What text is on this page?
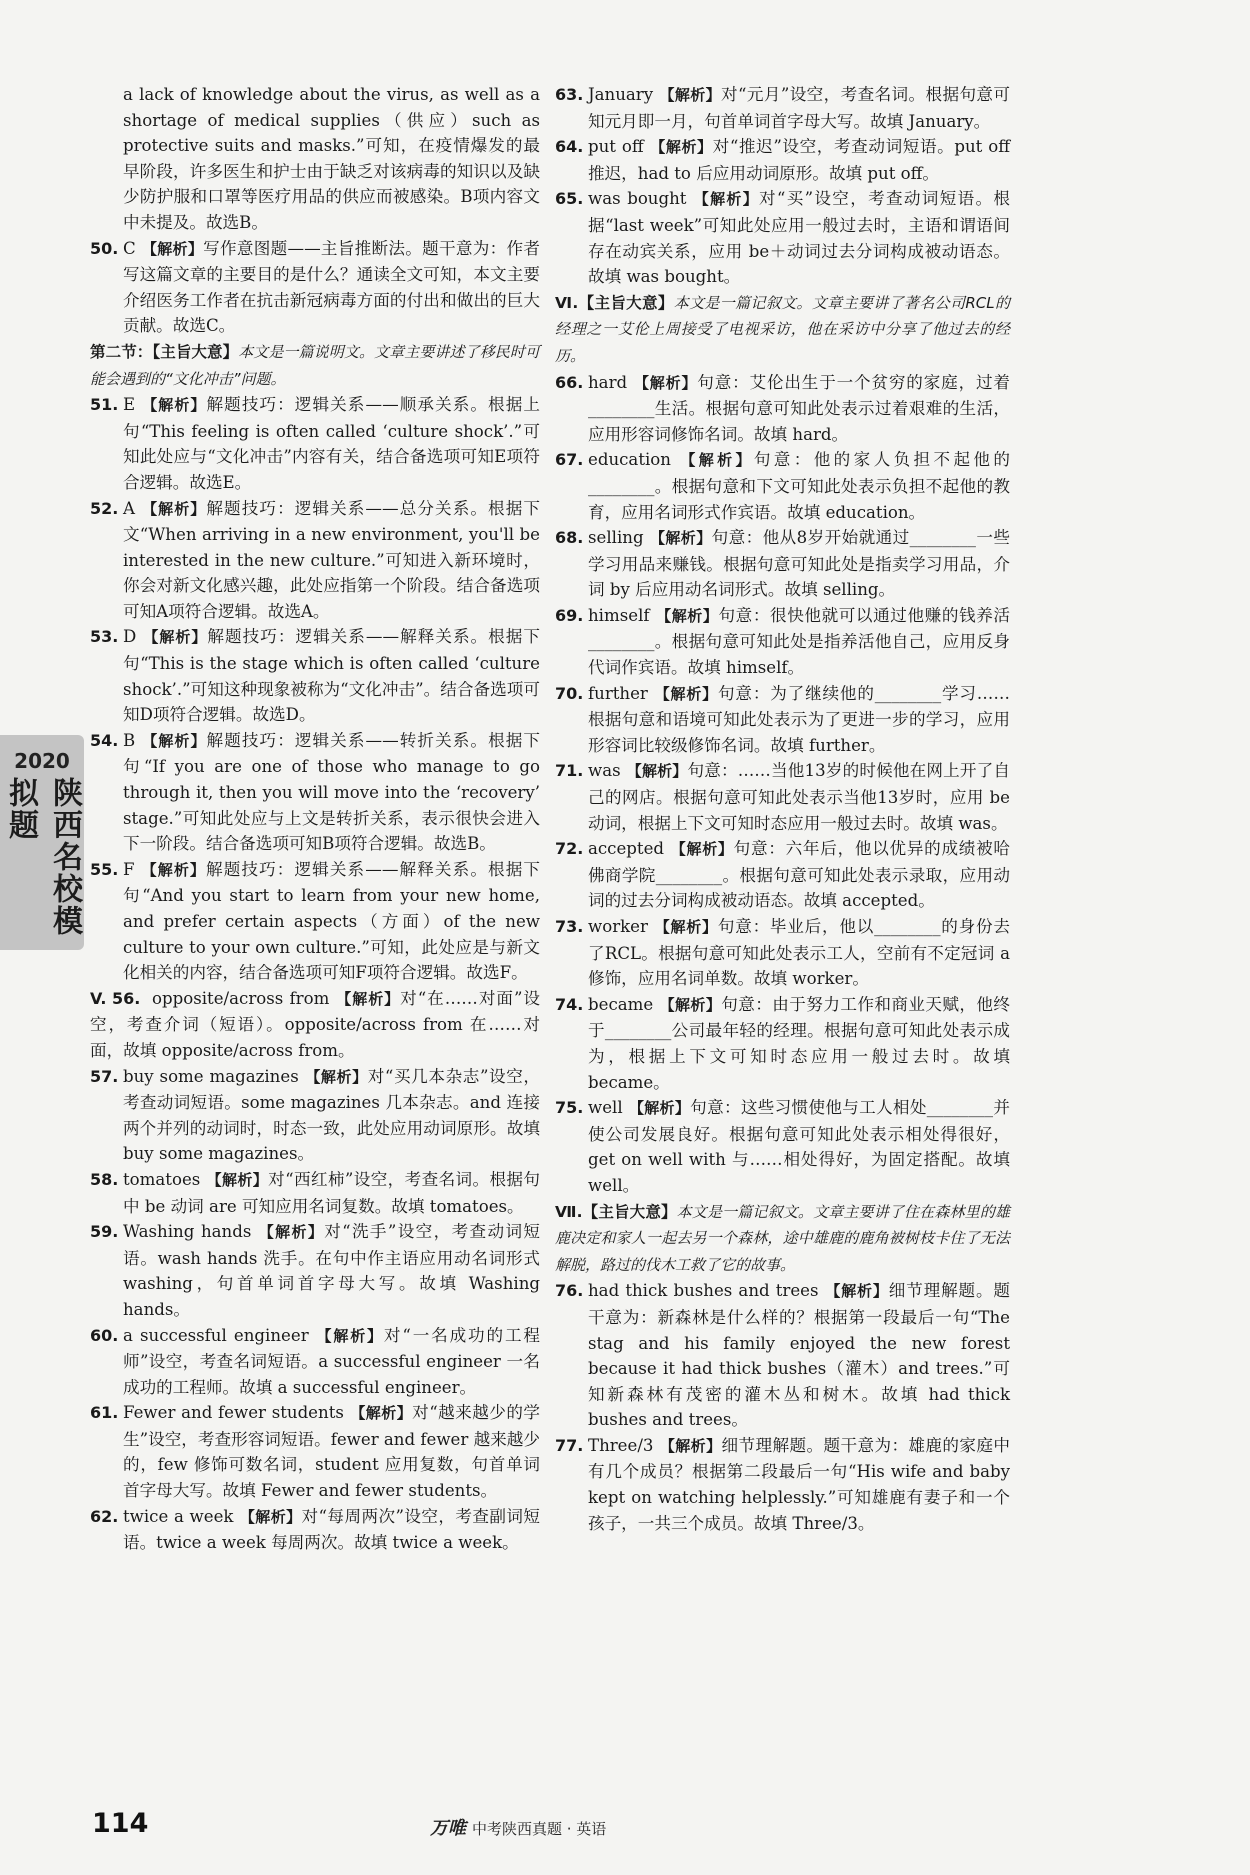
2020
陕西名校模拟题
a lack of knowledge about the virus, as well as a shortage of medical supplies（供应）such as protective suits and masks.”可知，在疫情爆发的最早阶段，许多医生和护士由于缺乏对该病毒的知识以及缺少防护服和口罩等医疗用品的供应而被感染。B项内容文中未提及。故选B。
50. C 【解析】写作意图题——主旨推断法。题干意为：作者写这篇文章的主要目的是什么？通读全文可知，本文主要介绍医务工作者在抗击新冠病毒方面的付出和做出的巨大贡献。故选C。
第二节：【主旨大意】本文是一篇说明文。文章主要讲述了移民时可能会遇到的“文化冲击”问题。
51. E 【解析】解题技巧：逻辑关系——顺承关系。根据上句“This feeling is often called ‘culture shock’.”可知此处应与“文化冲击”内容有关，结合备选项可知E项符合逻辑。故选E。
52. A 【解析】解题技巧：逻辑关系——总分关系。根据下文“When arriving in a new environment, you'll be interested in the new culture.”可知进入新环境时，你会对新文化感兴趣，此处应指第一个阶段。结合备选项可知A项符合逻辑。故选A。
53. D 【解析】解题技巧：逻辑关系——解释关系。根据下句“This is the stage which is often called ‘culture shock’.”可知这种现象被称为“文化冲击”。结合备选项可知D项符合逻辑。故选D。
54. B 【解析】解题技巧：逻辑关系——转折关系。根据下句“If you are one of those who manage to go through it, then you will move into the ‘recovery’ stage.”可知此处应与上文是转折关系，表示很快会进入下一阶段。结合备选项可知B项符合逻辑。故选B。
55. F 【解析】解题技巧：逻辑关系——解释关系。根据下句“And you start to learn from your new home, and prefer certain aspects（方面）of the new culture to your own culture.”可知，此处应是与新文化相关的内容，结合备选项可知F项符合逻辑。故选F。
V. 56. opposite/across from 【解析】对“在……对面”设空，考查介词（短语）。opposite/across from 在……对面，故填 opposite/across from。
57. buy some magazines 【解析】对“买几本杂志”设空，考查动词短语。some magazines 几本杂志。and 连接两个并列的动词时，时态一致，此处应用动词原形。故填 buy some magazines。
58. tomatoes 【解析】对“西红柿”设空，考查名词。根据句中 be 动词 are 可知应用名词复数。故填 tomatoes。
59. Washing hands 【解析】对“洗手”设空，考查动词短语。wash hands 洗手。在句中作主语应用动名词形式 washing，句首单词首字母大写。故填 Washing hands。
60. a successful engineer 【解析】对“一名成功的工程师”设空，考查名词短语。a successful engineer 一名成功的工程师。故填 a successful engineer。
61. Fewer and fewer students 【解析】对“越来越少的学生”设空，考查形容词短语。fewer and fewer 越来越少的，few 修饰可数名词，student 应用复数，句首单词首字母大写。故填 Fewer and fewer students。
62. twice a week 【解析】对“每周两次”设空，考查副词短语。twice a week 每周两次。故填 twice a week。
63. January 【解析】对“元月”设空，考查名词。根据句意可知元月即一月，句首单词首字母大写。故填 January。
64. put off 【解析】对“推迟”设空，考查动词短语。put off 推迟，had to 后应用动词原形。故填 put off。
65. was bought 【解析】对“买”设空，考查动词短语。根据“last week”可知此处应用一般过去时，主语和谓语间存在动宾关系，应用 be＋动词过去分词构成被动语态。故填 was bought。
Ⅵ.【主旨大意】本文是一篇记叙文。文章主要讲了著名公司RCL的经理之一艾伦上周接受了电视采访，他在采访中分享了他过去的经历。
66. hard 【解析】句意：艾伦出生于一个贫穷的家庭，过着________生活。根据句意可知此处表示过着艰难的生活，应用形容词修饰名词。故填 hard。
67. education 【解析】句意：他的家人负担不起他的________。根据句意和下文可知此处表示负担不起他的教育，应用名词形式作宾语。故填 education。
68. selling 【解析】句意：他从8岁开始就通过________一些学习用品来赚钱。根据句意可知此处是指卖学习用品，介词 by 后应用动名词形式。故填 selling。
69. himself 【解析】句意：很快他就可以通过他赚的钱养活________。根据句意可知此处是指养活他自己，应用反身代词作宾语。故填 himself。
70. further 【解析】句意：为了继续他的________学习……根据句意和语境可知此处表示为了更进一步的学习，应用形容词比较级修饰名词。故填 further。
71. was 【解析】句意：……当他13岁的时候他在网上开了自己的网店。根据句意可知此处表示当他13岁时，应用 be 动词，根据上下文可知时态应用一般过去时。故填 was。
72. accepted 【解析】句意：六年后，他以优异的成绩被哈佛商学院________。根据句意可知此处表示录取，应用动词的过去分词构成被动语态。故填 accepted。
73. worker 【解析】句意：毕业后，他以________的身份去了RCL。根据句意可知此处表示工人，空前有不定冠词 a 修饰，应用名词单数。故填 worker。
74. became 【解析】句意：由于努力工作和商业天赋，他终于________公司最年轻的经理。根据句意可知此处表示成为，根据上下文可知时态应用一般过去时。故填 became。
75. well 【解析】句意：这些习惯使他与工人相处________并使公司发展良好。根据句意可知此处表示相处得很好，get on well with 与……相处得好，为固定搭配。故填 well。
Ⅶ.【主旨大意】本文是一篇记叙文。文章主要讲了住在森林里的雄鹿决定和家人一起去另一个森林，途中雄鹿的鹿角被树枝卡住了无法解脱，路过的伐木工救了它的故事。
76. had thick bushes and trees 【解析】细节理解题。题干意为：新森林是什么样的？根据第一段最后一句“The stag and his family enjoyed the new forest because it had thick bushes（灌木）and trees.”可知新森林有茂密的灌木丛和树木。故填 had thick bushes and trees。
77. Three/3 【解析】细节理解题。题干意为：雄鹿的家庭中有几个成员？根据第二段最后一句“His wife and baby kept on watching helplessly.”可知雄鹿有妻子和一个孩子，一共三个成员。故填 Three/3。
114	万唯 中考陕西真题 · 英语
